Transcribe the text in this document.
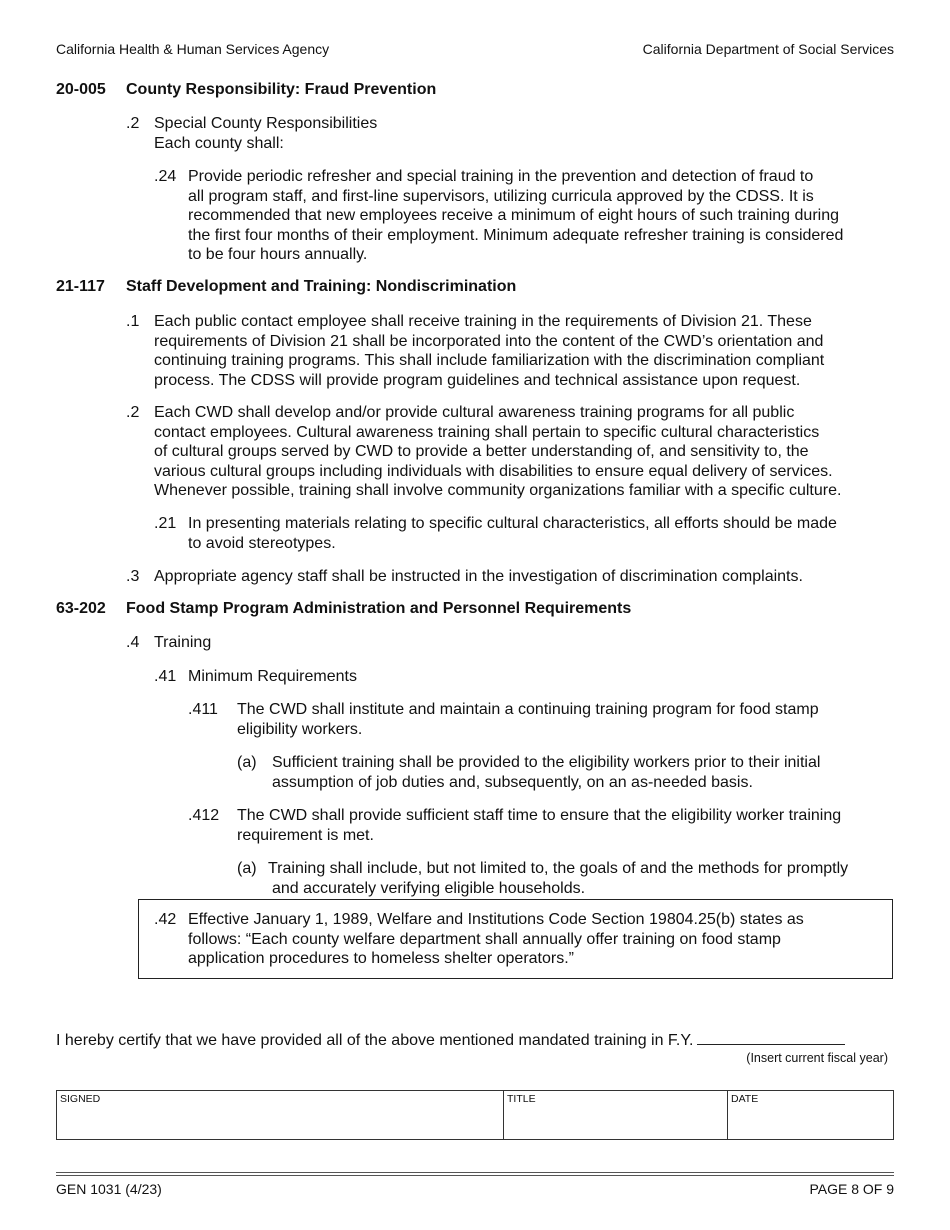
California Health & Human Services Agency	California Department of Social Services
20-005 County Responsibility: Fraud Prevention
.2 Special County Responsibilities
Each county shall:
.24 Provide periodic refresher and special training in the prevention and detection of fraud to
all program staff, and first-line supervisors, utilizing curricula approved by the CDSS. It is
recommended that new employees receive a minimum of eight hours of such training during
the first four months of their employment. Minimum adequate refresher training is considered
to be four hours annually.
21-117 Staff Development and Training: Nondiscrimination
.1 Each public contact employee shall receive training in the requirements of Division 21. These
requirements of Division 21 shall be incorporated into the content of the CWD’s orientation and
continuing training programs. This shall include familiarization with the discrimination compliant
process. The CDSS will provide program guidelines and technical assistance upon request.
.2 Each CWD shall develop and/or provide cultural awareness training programs for all public
contact employees. Cultural awareness training shall pertain to specific cultural characteristics
of cultural groups served by CWD to provide a better understanding of, and sensitivity to, the
various cultural groups including individuals with disabilities to ensure equal delivery of services.
Whenever possible, training shall involve community organizations familiar with a specific culture.
.21 In presenting materials relating to specific cultural characteristics, all efforts should be made
to avoid stereotypes.
.3 Appropriate agency staff shall be instructed in the investigation of discrimination complaints.
63-202 Food Stamp Program Administration and Personnel Requirements
.4 Training
.41 Minimum Requirements
.411 The CWD shall institute and maintain a continuing training program for food stamp
eligibility workers.
(a) Sufficient training shall be provided to the eligibility workers prior to their initial
assumption of job duties and, subsequently, on an as-needed basis.
.412 The CWD shall provide sufficient staff time to ensure that the eligibility worker training
requirement is met.
(a) Training shall include, but not limited to, the goals of and the methods for promptly
and accurately verifying eligible households.
.42 Effective January 1, 1989, Welfare and Institutions Code Section 19804.25(b) states as
follows: “Each county welfare department shall annually offer training on food stamp
application procedures to homeless shelter operators.”
I hereby certify that we have provided all of the above mentioned mandated training in F.Y.
(Insert current fiscal year)
SIGNED	TITLE	DATE
GEN 1031 (4/23)	PAGE 8 OF 9
